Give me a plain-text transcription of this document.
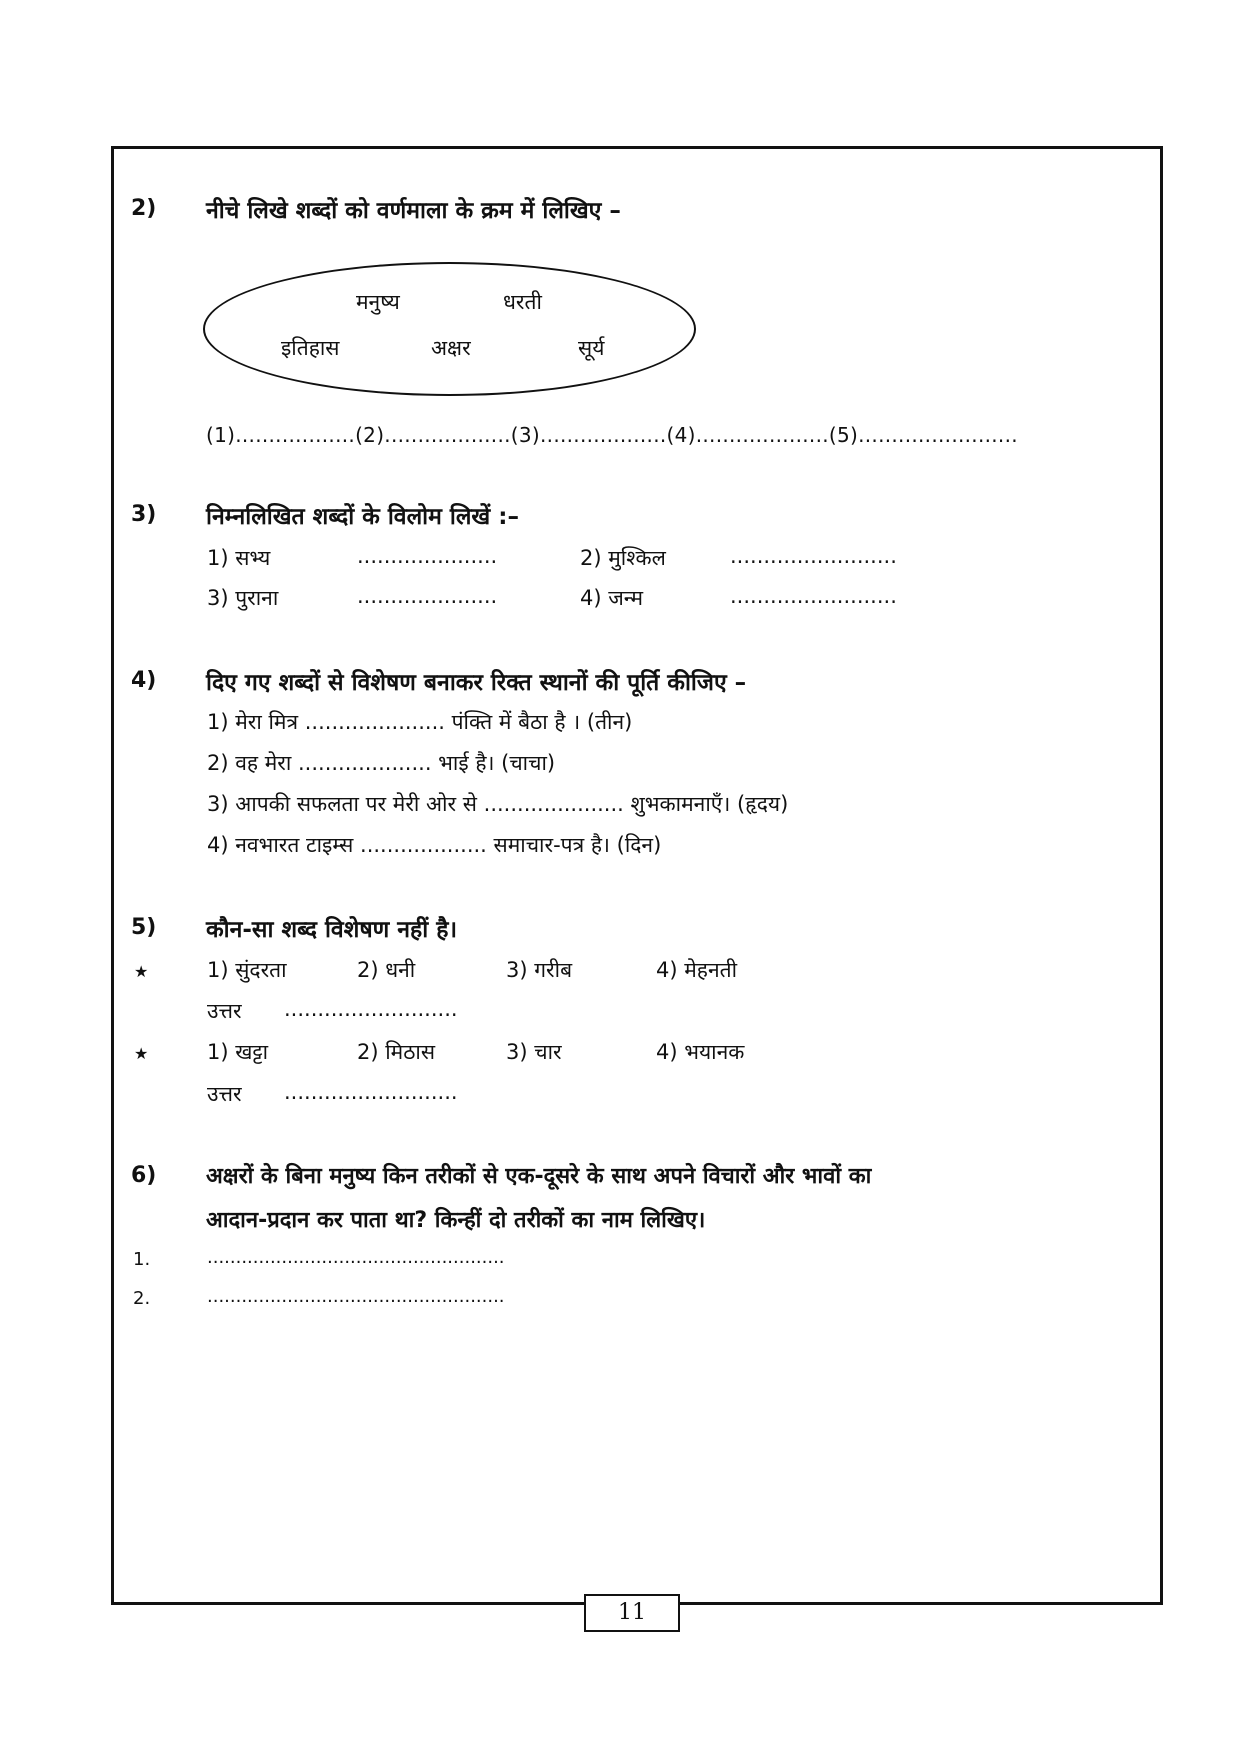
2) नीचे लिखे शब्दों को वर्णमाला के क्रम में लिखिए –
मनुष्य	धरती
इतिहास	अक्षर	सूर्य
(1)..................(2)...................(3)...................(4)....................(5)........................
3) निम्नलिखित शब्दों के विलोम लिखें :–
1) सभ्य	.....................	2) मुश्किल	.........................
3) पुराना	.....................	4) जन्म	.........................
4) दिए गए शब्दों से विशेषण बनाकर रिक्त स्थानों की पूर्ति कीजिए –
1) मेरा मित्र ..................... पंक्ति में बैठा है । (तीन)
2) वह मेरा .................... भाई है। (चाचा)
3) आपकी सफलता पर मेरी ओर से ..................... शुभकामनाएँ। (हृदय)
4) नवभारत टाइम्स ................... समाचार-पत्र है। (दिन)
5) कौन-सा शब्द विशेषण नहीं है।
★	1) सुंदरता	2) धनी	3) गरीब	4) मेहनती
उत्तर ..........................
★	1) खट्टा	2) मिठास	3) चार	4) भयानक
उत्तर ..........................
6) अक्षरों के बिना मनुष्य किन तरीकों से एक-दूसरे के साथ अपने विचारों और भावों का
आदान-प्रदान कर पाता था? किन्हीं दो तरीकों का नाम लिखिए।
1.	....................................................
2.	....................................................
11
